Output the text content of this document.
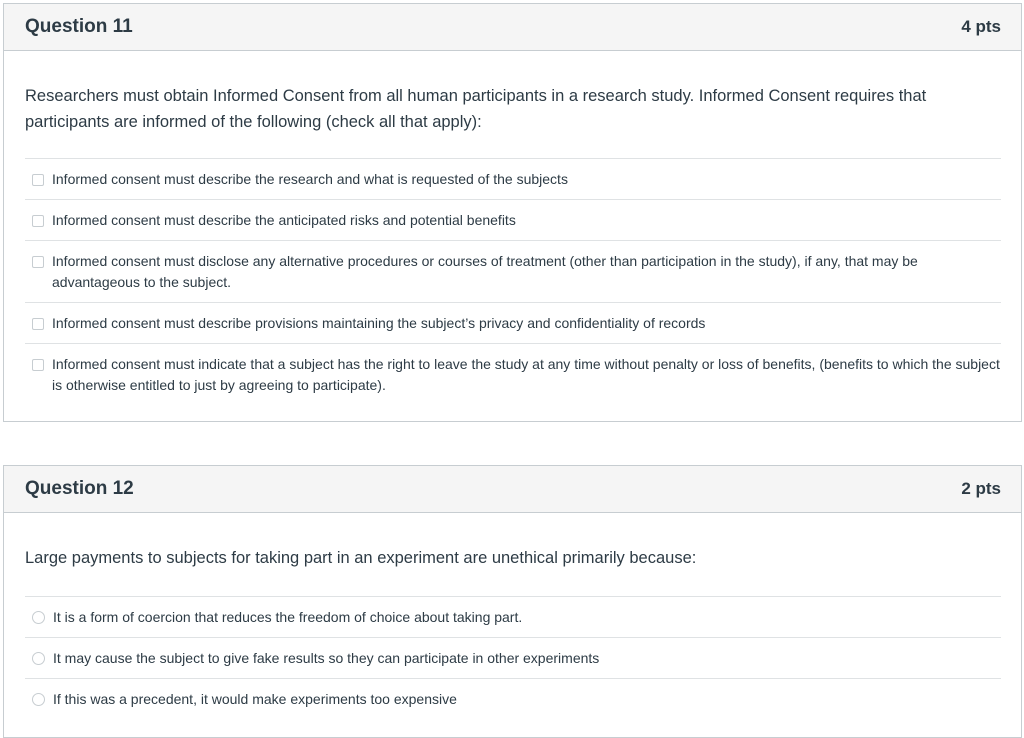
Question 11	4 pts
Researchers must obtain Informed Consent from all human participants in a research study. Informed Consent requires that participants are informed of the following (check all that apply):
Informed consent must describe the research and what is requested of the subjects
Informed consent must describe the anticipated risks and potential benefits
Informed consent must disclose any alternative procedures or courses of treatment (other than participation in the study), if any, that may be advantageous to the subject.
Informed consent must describe provisions maintaining the subject’s privacy and confidentiality of records
Informed consent must indicate that a subject has the right to leave the study at any time without penalty or loss of benefits, (benefits to which the subject is otherwise entitled to just by agreeing to participate).
Question 12	2 pts
Large payments to subjects for taking part in an experiment are unethical primarily because:
It is a form of coercion that reduces the freedom of choice about taking part.
It may cause the subject to give fake results so they can participate in other experiments
If this was a precedent, it would make experiments too expensive
